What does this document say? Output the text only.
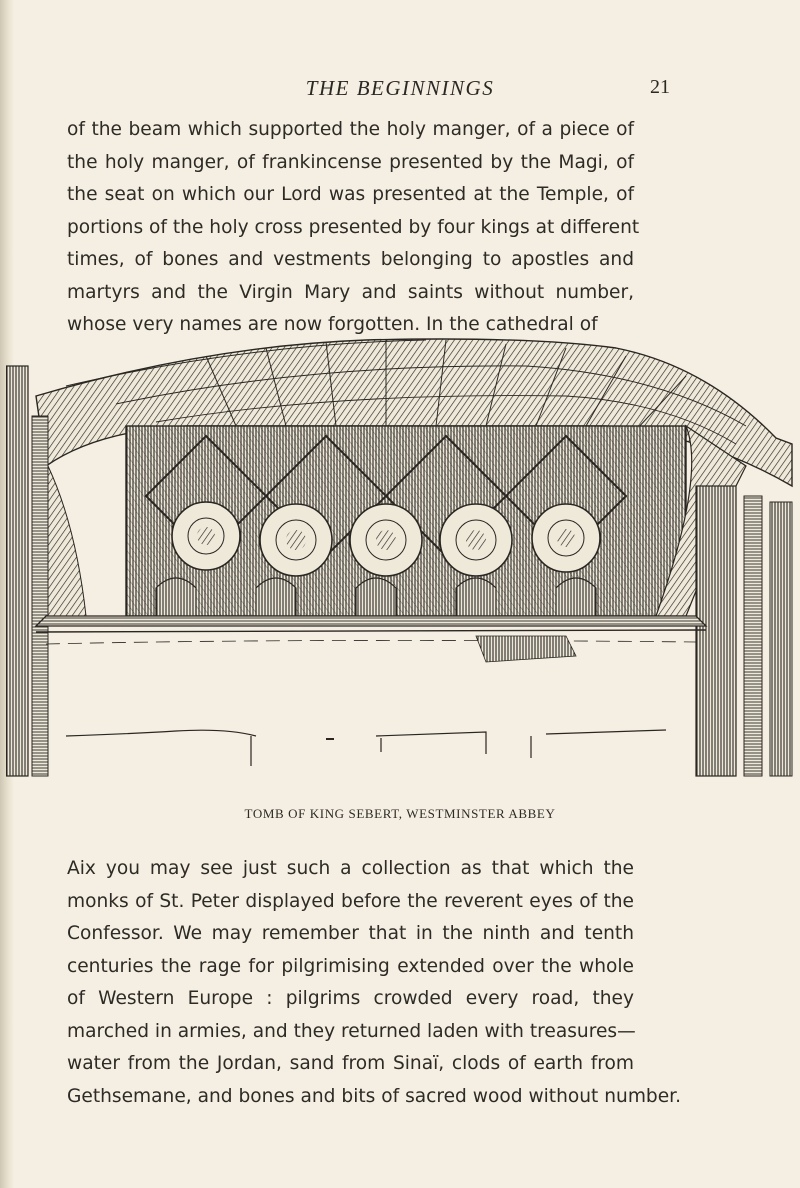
THE BEGINNINGS	21

of the beam which supported the holy manger, of a piece of
the holy manger, of frankincense presented by the Magi, of
the seat on which our Lord was presented at the Temple, of
portions of the holy cross presented by four kings at different
times, of bones and vestments belonging to apostles and
martyrs and the Virgin Mary and saints without number,
whose very names are now forgotten. In the cathedral of

TOMB OF KING SEBERT, WESTMINSTER ABBEY

Aix you may see just such a collection as that which the
monks of St. Peter displayed before the reverent eyes of the
Confessor. We may remember that in the ninth and tenth
centuries the rage for pilgrimising extended over the whole
of Western Europe : pilgrims crowded every road, they
marched in armies, and they returned laden with treasures—
water from the Jordan, sand from Sinaï, clods of earth from
Gethsemane, and bones and bits of sacred wood without number.
